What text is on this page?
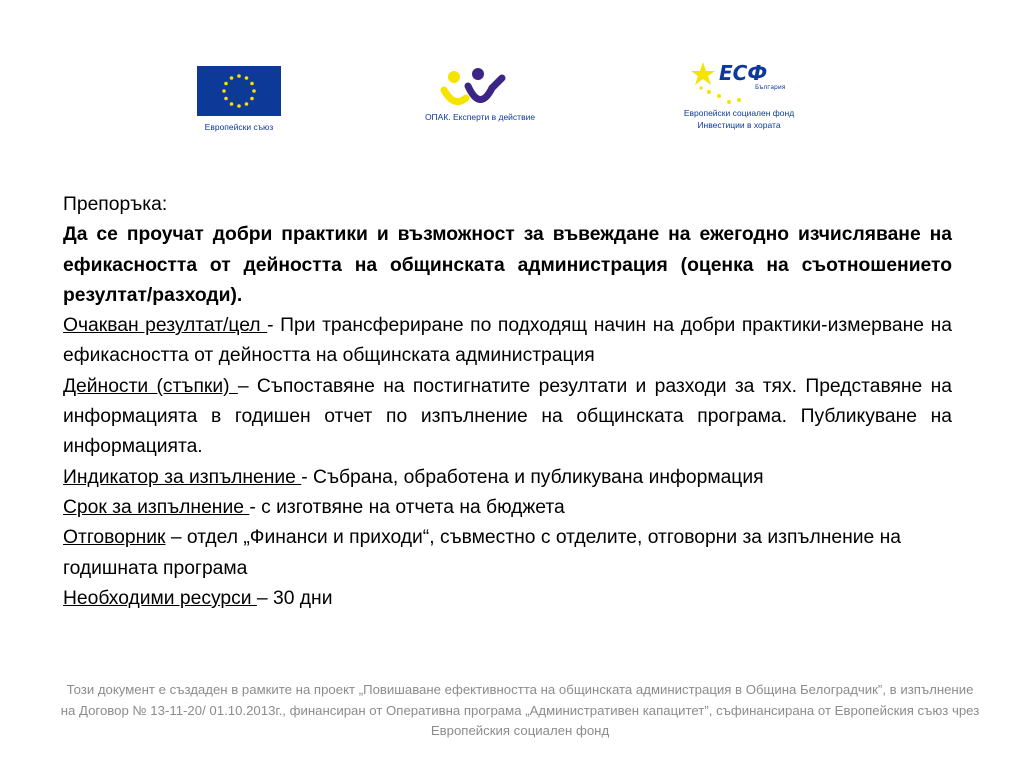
Европейски съюз
ОПАК. Експерти в действие
ЕСФ
България
Европейски социален фонд
Инвестиции в хората

Препоръка:

Да се проучат добри практики и възможност за въвеждане на ежегодно изчисляване на ефикасността от дейността на общинската администрация (оценка на съотношението резултат/разходи).

Очакван резултат/цел - При трансфериране по подходящ начин на добри практики-измерване на ефикасността от дейността на общинската администрация

Дейности (стъпки) – Съпоставяне на постигнатите резултати и разходи за тях. Представяне на информацията в годишен отчет по изпълнение на общинската програма. Публикуване на информацията.

Индикатор за изпълнение - Събрана, обработена и публикувана информация

Срок за изпълнение - с изготвяне на отчета на бюджета

Отговорник – отдел „Финанси и приходи“, съвместно с отделите, отговорни за изпълнение на годишната програма

Необходими ресурси – 30 дни

Този документ е създаден в рамките на проект „Повишаване ефективността на общинската администрация в Община Белоградчик”, в изпълнение на Договор № 13-11-20/ 01.10.2013г., финансиран от Оперативна програма „Административен капацитет”, съфинансирана от Европейския съюз чрез Европейския социален фонд
